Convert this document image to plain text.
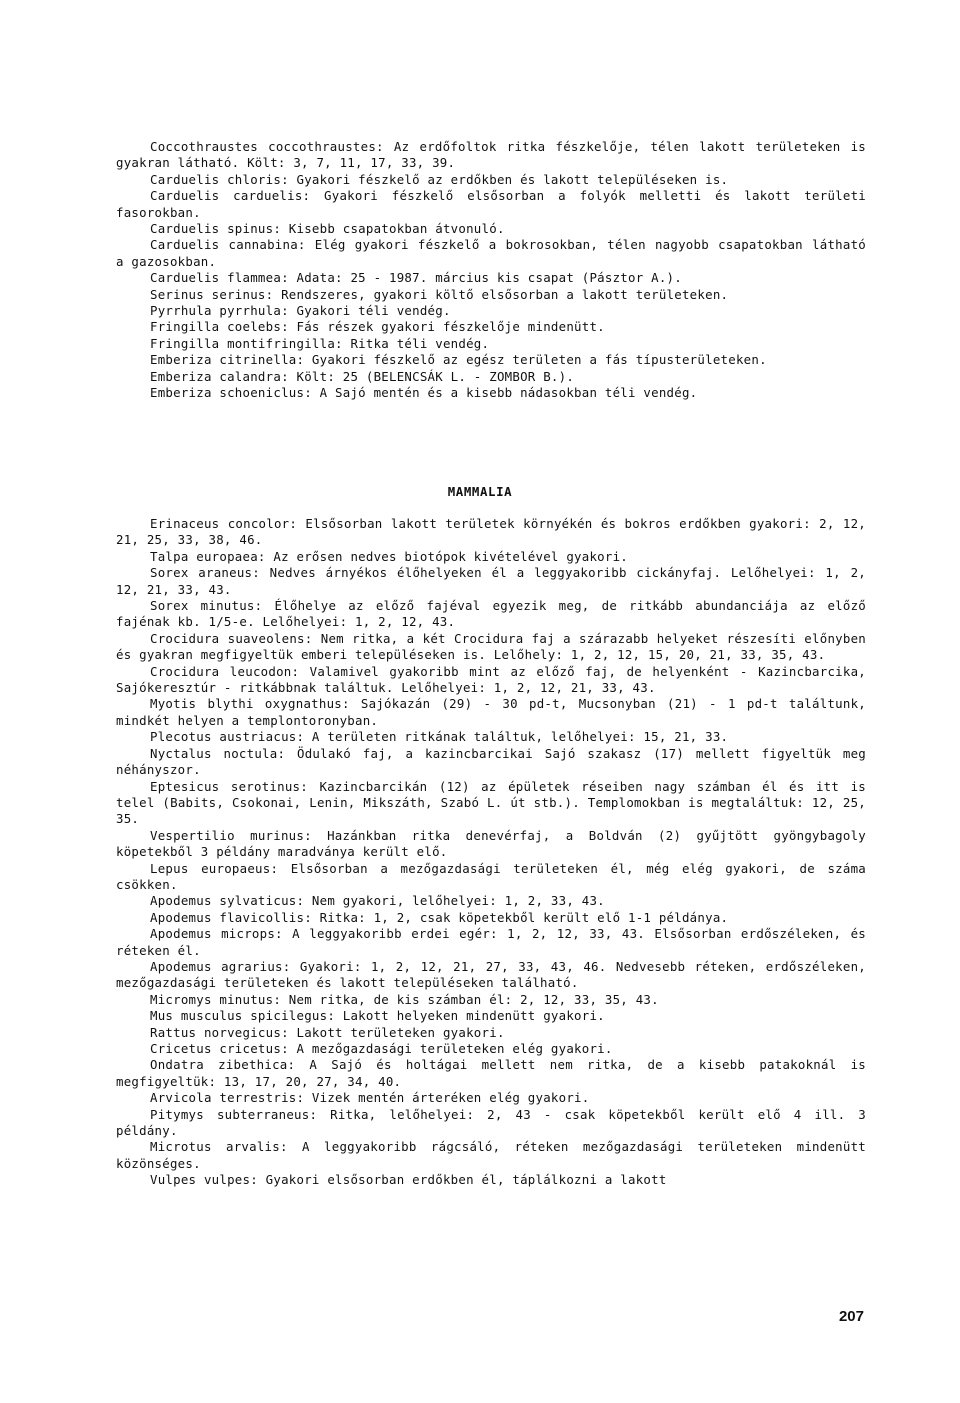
Coccothraustes coccothraustes: Az erdőfoltok ritka fészkelője, télen lakott területeken is gyakran látható. Költ: 3, 7, 11, 17, 33, 39.

Carduelis chloris: Gyakori fészkelő az erdőkben és lakott településeken is.

Carduelis carduelis: Gyakori fészkelő elsősorban a folyók melletti és lakott területi fasorokban.

Carduelis spinus: Kisebb csapatokban átvonuló.

Carduelis cannabina: Elég gyakori fészkelő a bokrosokban, télen nagyobb csapatokban látható a gazosokban.

Carduelis flammea: Adata: 25 - 1987. március kis csapat (Pásztor A.).

Serinus serinus: Rendszeres, gyakori költő elsősorban a lakott területeken.

Pyrrhula pyrrhula: Gyakori téli vendég.

Fringilla coelebs: Fás részek gyakori fészkelője mindenütt.

Fringilla montifringilla: Ritka téli vendég.

Emberiza citrinella: Gyakori fészkelő az egész területen a fás típusterületeken.

Emberiza calandra: Költ: 25 (BELENCSÁK L. - ZOMBOR B.).

Emberiza schoeniclus: A Sajó mentén és a kisebb nádasokban téli vendég.

MAMMALIA

Erinaceus concolor: Elsősorban lakott területek környékén és bokros erdőkben gyakori: 2, 12, 21, 25, 33, 38, 46.

Talpa europaea: Az erősen nedves biotópok kivételével gyakori.

Sorex araneus: Nedves árnyékos élőhelyeken él a leggyakoribb cickányfaj. Lelőhelyei: 1, 2, 12, 21, 33, 43.

Sorex minutus: Élőhelye az előző fajéval egyezik meg, de ritkább abundanciája az előző fajénak kb. 1/5-e. Lelőhelyei: 1, 2, 12, 43.

Crocidura suaveolens: Nem ritka, a két Crocidura faj a szárazabb helyeket részesíti előnyben és gyakran megfigyeltük emberi településeken is. Lelőhely: 1, 2, 12, 15, 20, 21, 33, 35, 43.

Crocidura leucodon: Valamivel gyakoribb mint az előző faj, de helyenként - Kazincbarcika, Sajókeresztúr - ritkábbnak találtuk. Lelőhelyei: 1, 2, 12, 21, 33, 43.

Myotis blythi oxygnathus: Sajókazán (29) - 30 pd-t, Mucsonyban (21) - 1 pd-t találtunk, mindkét helyen a templontoronyban.

Plecotus austriacus: A területen ritkának találtuk, lelőhelyei: 15, 21, 33.

Nyctalus noctula: Ödulakó faj, a kazincbarcikai Sajó szakasz (17) mellett figyeltük meg néhányszor.

Eptesicus serotinus: Kazincbarcikán (12) az épületek réseiben nagy számban él és itt is telel (Babits, Csokonai, Lenin, Mikszáth, Szabó L. út stb.). Templomokban is megtaláltuk: 12, 25, 35.

Vespertilio murinus: Hazánkban ritka denevérfaj, a Boldván (2) gyűjtött gyöngybagoly köpetekből 3 példány maradványa került elő.

Lepus europaeus: Elsősorban a mezőgazdasági területeken él, még elég gyakori, de száma csökken.

Apodemus sylvaticus: Nem gyakori, lelőhelyei: 1, 2, 33, 43.

Apodemus flavicollis: Ritka: 1, 2, csak köpetekből került elő 1-1 példánya.

Apodemus microps: A leggyakoribb erdei egér: 1, 2, 12, 33, 43. Elsősorban erdőszéleken, és réteken él.

Apodemus agrarius: Gyakori: 1, 2, 12, 21, 27, 33, 43, 46. Nedvesebb réteken, erdőszéleken, mezőgazdasági területeken és lakott településeken található.

Micromys minutus: Nem ritka, de kis számban él: 2, 12, 33, 35, 43.

Mus musculus spicilegus: Lakott helyeken mindenütt gyakori.

Rattus norvegicus: Lakott területeken gyakori.

Cricetus cricetus: A mezőgazdasági területeken elég gyakori.

Ondatra zibethica: A Sajó és holtágai mellett nem ritka, de a kisebb patakoknál is megfigyeltük: 13, 17, 20, 27, 34, 40.

Arvicola terrestris: Vizek mentén árteréken elég gyakori.

Pitymys subterraneus: Ritka, lelőhelyei: 2, 43 - csak köpetekből került elő 4 ill. 3 példány.

Microtus arvalis: A leggyakoribb rágcsáló, réteken mezőgazdasági területeken mindenütt közönséges.

Vulpes vulpes: Gyakori elsősorban erdőkben él, táplálkozni a lakott

207
